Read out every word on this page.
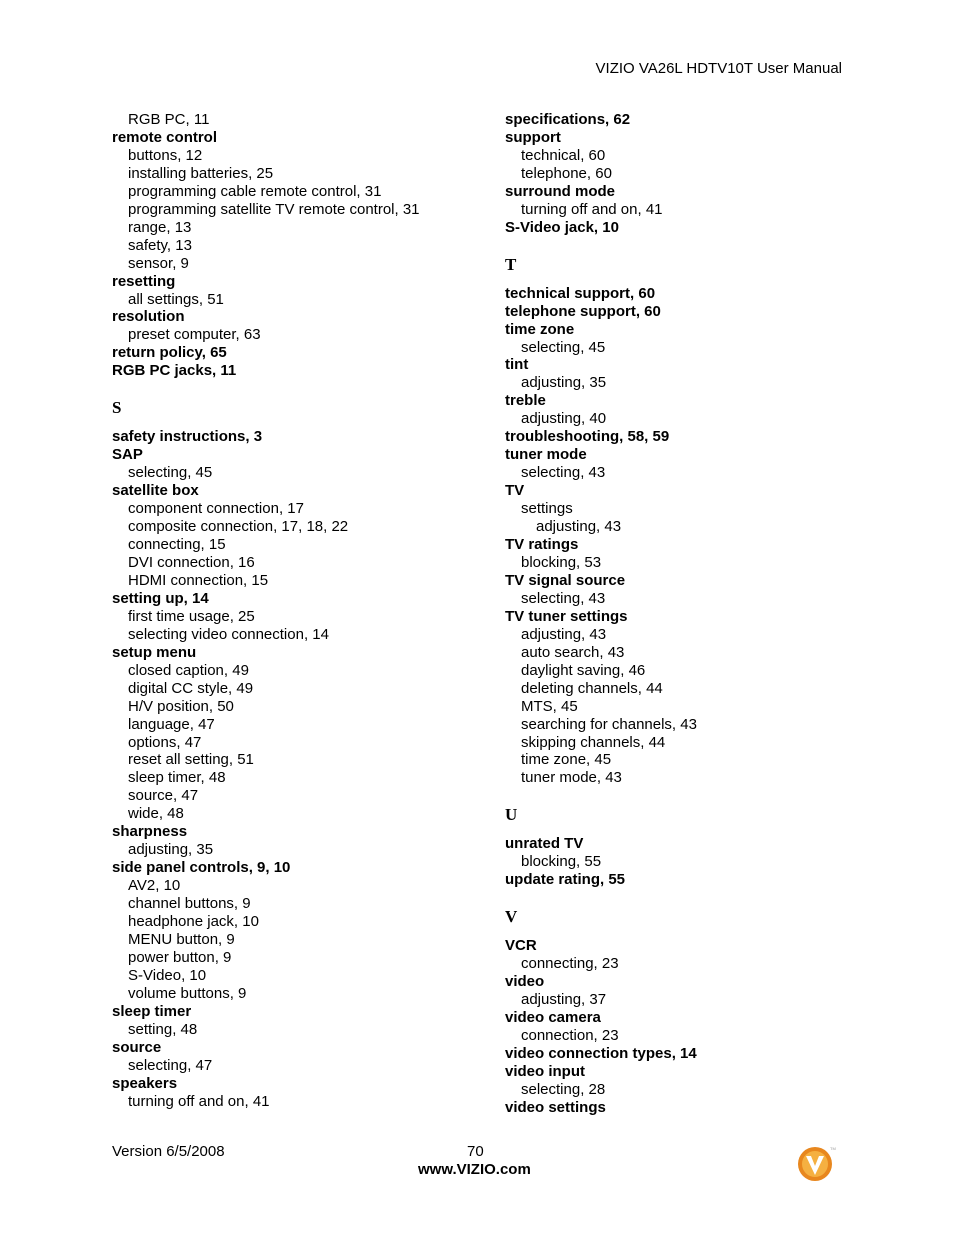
VIZIO VA26L HDTV10T User Manual
RGB PC, 11
remote control
buttons, 12
installing batteries, 25
programming cable remote control, 31
programming satellite TV remote control, 31
range, 13
safety, 13
sensor, 9
resetting
all settings, 51
resolution
preset computer, 63
return policy, 65
RGB PC jacks, 11
S
safety instructions, 3
SAP
selecting, 45
satellite box
component connection, 17
composite connection, 17, 18, 22
connecting, 15
DVI connection, 16
HDMI connection, 15
setting up, 14
first time usage, 25
selecting video connection, 14
setup menu
closed caption, 49
digital CC style, 49
H/V position, 50
language, 47
options, 47
reset all setting, 51
sleep timer, 48
source, 47
wide, 48
sharpness
adjusting, 35
side panel controls, 9, 10
AV2, 10
channel buttons, 9
headphone jack, 10
MENU button, 9
power button, 9
S-Video, 10
volume buttons, 9
sleep timer
setting, 48
source
selecting, 47
speakers
turning off and on, 41
specifications, 62
support
technical, 60
telephone, 60
surround mode
turning off and on, 41
S-Video jack, 10
T
technical support, 60
telephone support, 60
time zone
selecting, 45
tint
adjusting, 35
treble
adjusting, 40
troubleshooting, 58, 59
tuner mode
selecting, 43
TV
settings
adjusting, 43
TV ratings
blocking, 53
TV signal source
selecting, 43
TV tuner settings
adjusting, 43
auto search, 43
daylight saving, 46
deleting channels, 44
MTS, 45
searching for channels, 43
skipping channels, 44
time zone, 45
tuner mode, 43
U
unrated TV
blocking, 55
update rating, 55
V
VCR
connecting, 23
video
adjusting, 37
video camera
connection, 23
video connection types, 14
video input
selecting, 28
video settings
Version 6/5/2008	70
www.VIZIO.com
TM
